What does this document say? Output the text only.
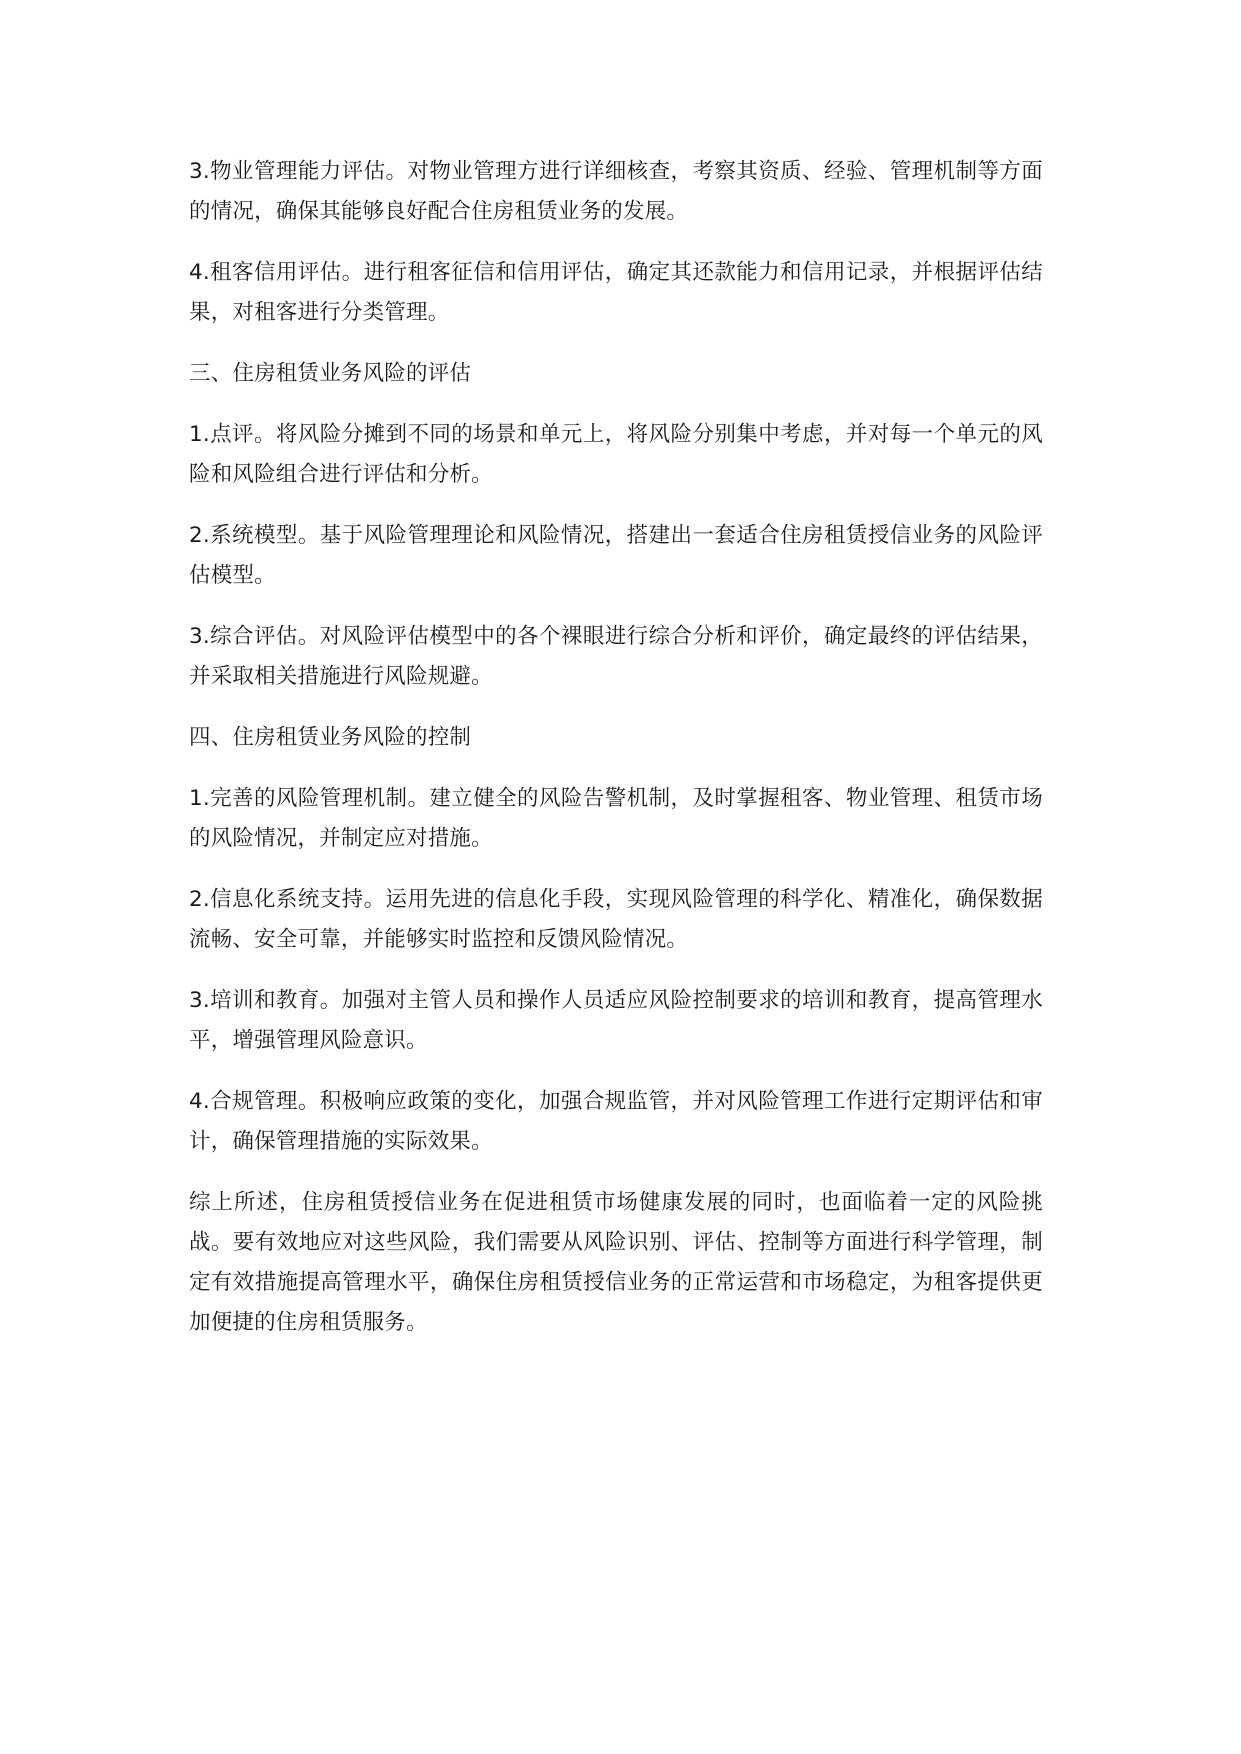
3.物业管理能力评估。对物业管理方进行详细核查，考察其资质、经验、管理机制等方面的情况，确保其能够良好配合住房租赁业务的发展。

4.租客信用评估。进行租客征信和信用评估，确定其还款能力和信用记录，并根据评估结果，对租客进行分类管理。

三、住房租赁业务风险的评估

1.点评。将风险分摊到不同的场景和单元上，将风险分别集中考虑，并对每一个单元的风险和风险组合进行评估和分析。

2.系统模型。基于风险管理理论和风险情况，搭建出一套适合住房租赁授信业务的风险评估模型。

3.综合评估。对风险评估模型中的各个裸眼进行综合分析和评价，确定最终的评估结果，并采取相关措施进行风险规避。

四、住房租赁业务风险的控制

1.完善的风险管理机制。建立健全的风险告警机制，及时掌握租客、物业管理、租赁市场的风险情况，并制定应对措施。

2.信息化系统支持。运用先进的信息化手段，实现风险管理的科学化、精准化，确保数据流畅、安全可靠，并能够实时监控和反馈风险情况。

3.培训和教育。加强对主管人员和操作人员适应风险控制要求的培训和教育，提高管理水平，增强管理风险意识。

4.合规管理。积极响应政策的变化，加强合规监管，并对风险管理工作进行定期评估和审计，确保管理措施的实际效果。

综上所述，住房租赁授信业务在促进租赁市场健康发展的同时，也面临着一定的风险挑战。要有效地应对这些风险，我们需要从风险识别、评估、控制等方面进行科学管理，制定有效措施提高管理水平，确保住房租赁授信业务的正常运营和市场稳定，为租客提供更加便捷的住房租赁服务。
